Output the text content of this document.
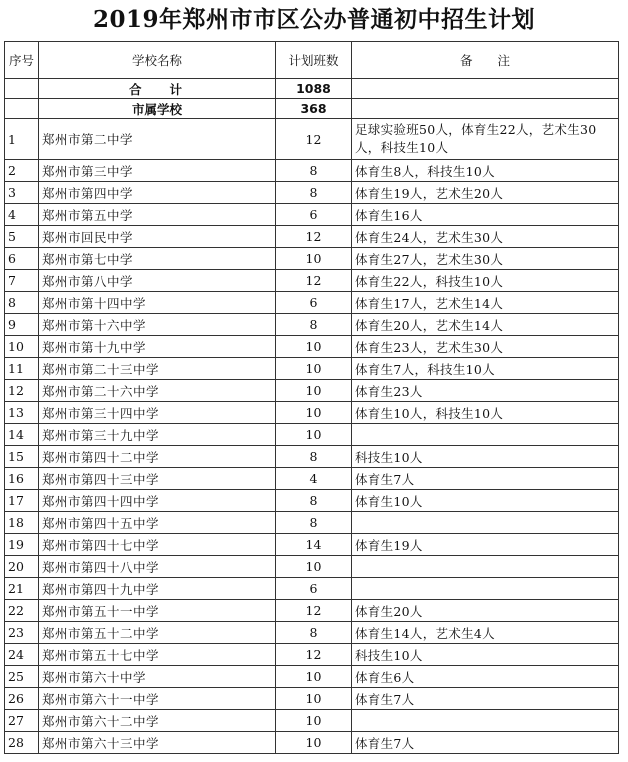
2019年郑州市市区公办普通初中招生计划
序号	学校名称	计划班数	备　　注
	合计	1088	
	市属学校	368	
1	郑州市第二中学	12	足球实验班50人，体育生22人，艺术生30人，科技生10人
2	郑州市第三中学	8	体育生8人，科技生10人
3	郑州市第四中学	8	体育生19人，艺术生20人
4	郑州市第五中学	6	体育生16人
5	郑州市回民中学	12	体育生24人，艺术生30人
6	郑州市第七中学	10	体育生27人，艺术生30人
7	郑州市第八中学	12	体育生22人，科技生10人
8	郑州市第十四中学	6	体育生17人，艺术生14人
9	郑州市第十六中学	8	体育生20人，艺术生14人
10	郑州市第十九中学	10	体育生23人，艺术生30人
11	郑州市第二十三中学	10	体育生7人，科技生10人
12	郑州市第二十六中学	10	体育生23人
13	郑州市第三十四中学	10	体育生10人，科技生10人
14	郑州市第三十九中学	10	
15	郑州市第四十二中学	8	科技生10人
16	郑州市第四十三中学	4	体育生7人
17	郑州市第四十四中学	8	体育生10人
18	郑州市第四十五中学	8	
19	郑州市第四十七中学	14	体育生19人
20	郑州市第四十八中学	10	
21	郑州市第四十九中学	6	
22	郑州市第五十一中学	12	体育生20人
23	郑州市第五十二中学	8	体育生14人，艺术生4人
24	郑州市第五十七中学	12	科技生10人
25	郑州市第六十中学	10	体育生6人
26	郑州市第六十一中学	10	体育生7人
27	郑州市第六十二中学	10	
28	郑州市第六十三中学	10	体育生7人
